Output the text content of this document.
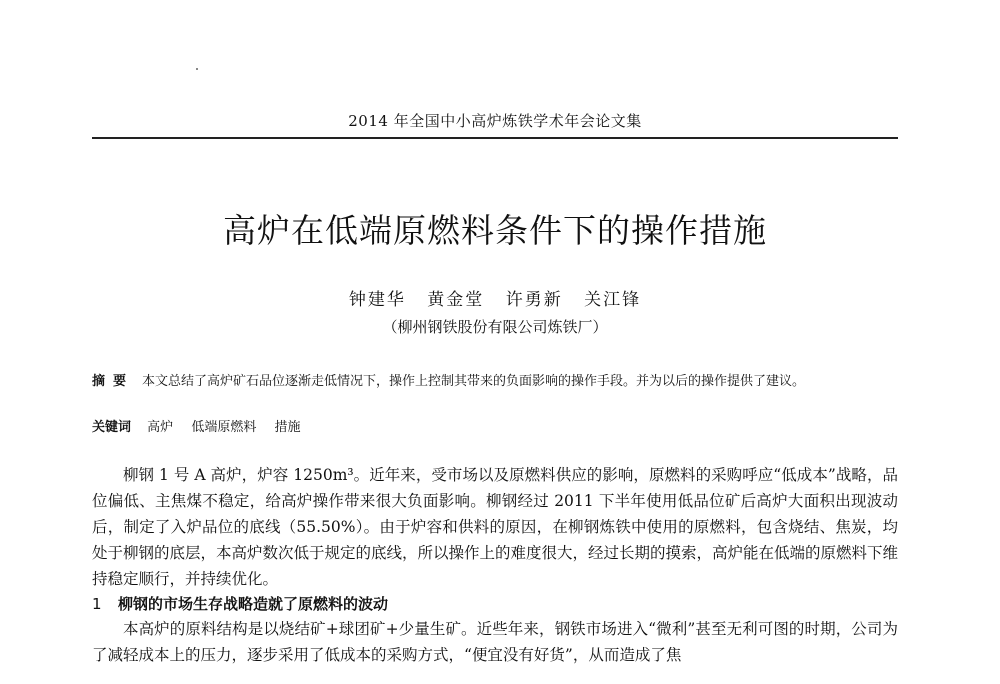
2014 年全国中小高炉炼铁学术年会论文集
高炉在低端原燃料条件下的操作措施
钟建华 黄金堂 许勇新 关江锋
（柳州钢铁股份有限公司炼铁厂）
摘要 本文总结了高炉矿石品位逐渐走低情况下，操作上控制其带来的负面影响的操作手段。并为以后的操作提供了建议。
关键词 高炉 低端原燃料 措施

柳钢 1 号 A 高炉，炉容 1250m³。近年来，受市场以及原燃料供应的影响，原燃料的采购呼应“低成本”战略，品位偏低、主焦煤不稳定，给高炉操作带来很大负面影响。柳钢经过 2011 下半年使用低品位矿后高炉大面积出现波动后，制定了入炉品位的底线（55.50%）。由于炉容和供料的原因，在柳钢炼铁中使用的原燃料，包含烧结、焦炭，均处于柳钢的底层，本高炉数次低于规定的底线，所以操作上的难度很大，经过长期的摸索，高炉能在低端的原燃料下维持稳定顺行，并持续优化。

1 柳钢的市场生存战略造就了原燃料的波动

本高炉的原料结构是以烧结矿+球团矿+少量生矿。近些年来，钢铁市场进入“微利”甚至无利可图的时期，公司为了减轻成本上的压力，逐步采用了低成本的采购方式，“便宜没有好货”，从而造成了焦
